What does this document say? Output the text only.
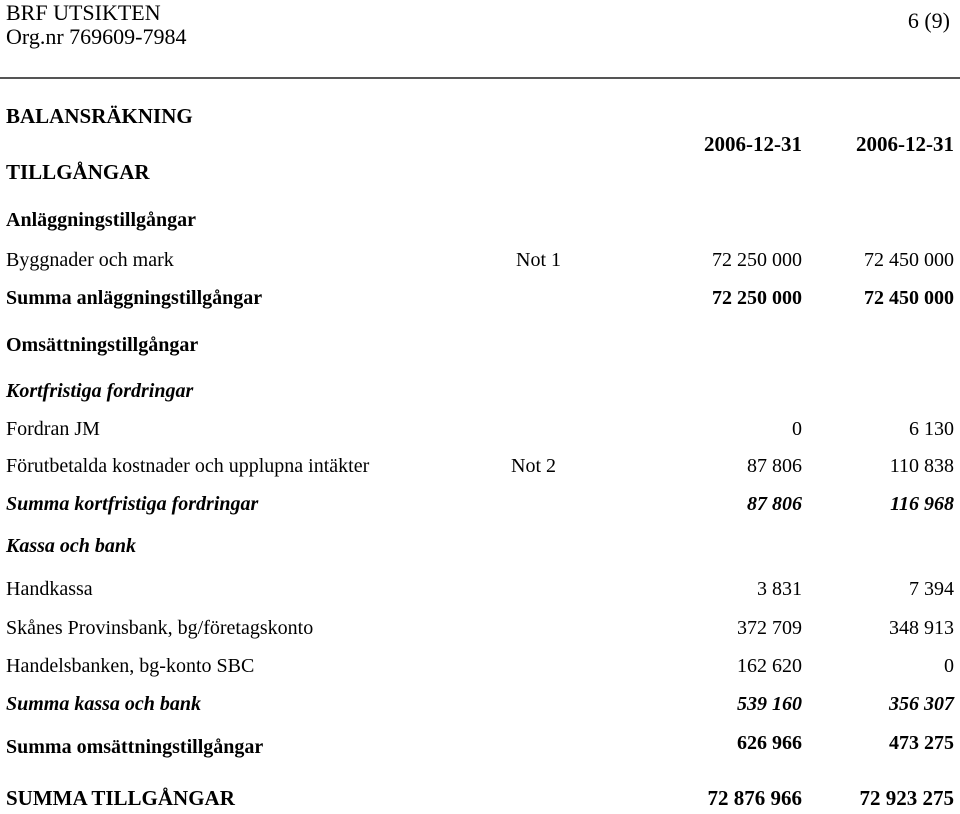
BRF UTSIKTEN
Org.nr 769609-7984
6 (9)
BALANSRÄKNING
TILLGÅNGAR
2006-12-31	2006-12-31
Anläggningstillgångar
Byggnader och mark	Not 1	72 250 000	72 450 000
Summa anläggningstillgångar	72 250 000	72 450 000
Omsättningstillgångar
Kortfristiga fordringar
Fordran JM	0	6 130
Förutbetalda kostnader och upplupna intäkter	Not 2	87 806	110 838
Summa kortfristiga fordringar	87 806	116 968
Kassa och bank
Handkassa	3 831	7 394
Skånes Provinsbank, bg/företagskonto	372 709	348 913
Handelsbanken, bg-konto SBC	162 620	0
Summa kassa och bank	539 160	356 307
Summa omsättningstillgångar	626 966	473 275
SUMMA TILLGÅNGAR	72 876 966	72 923 275
